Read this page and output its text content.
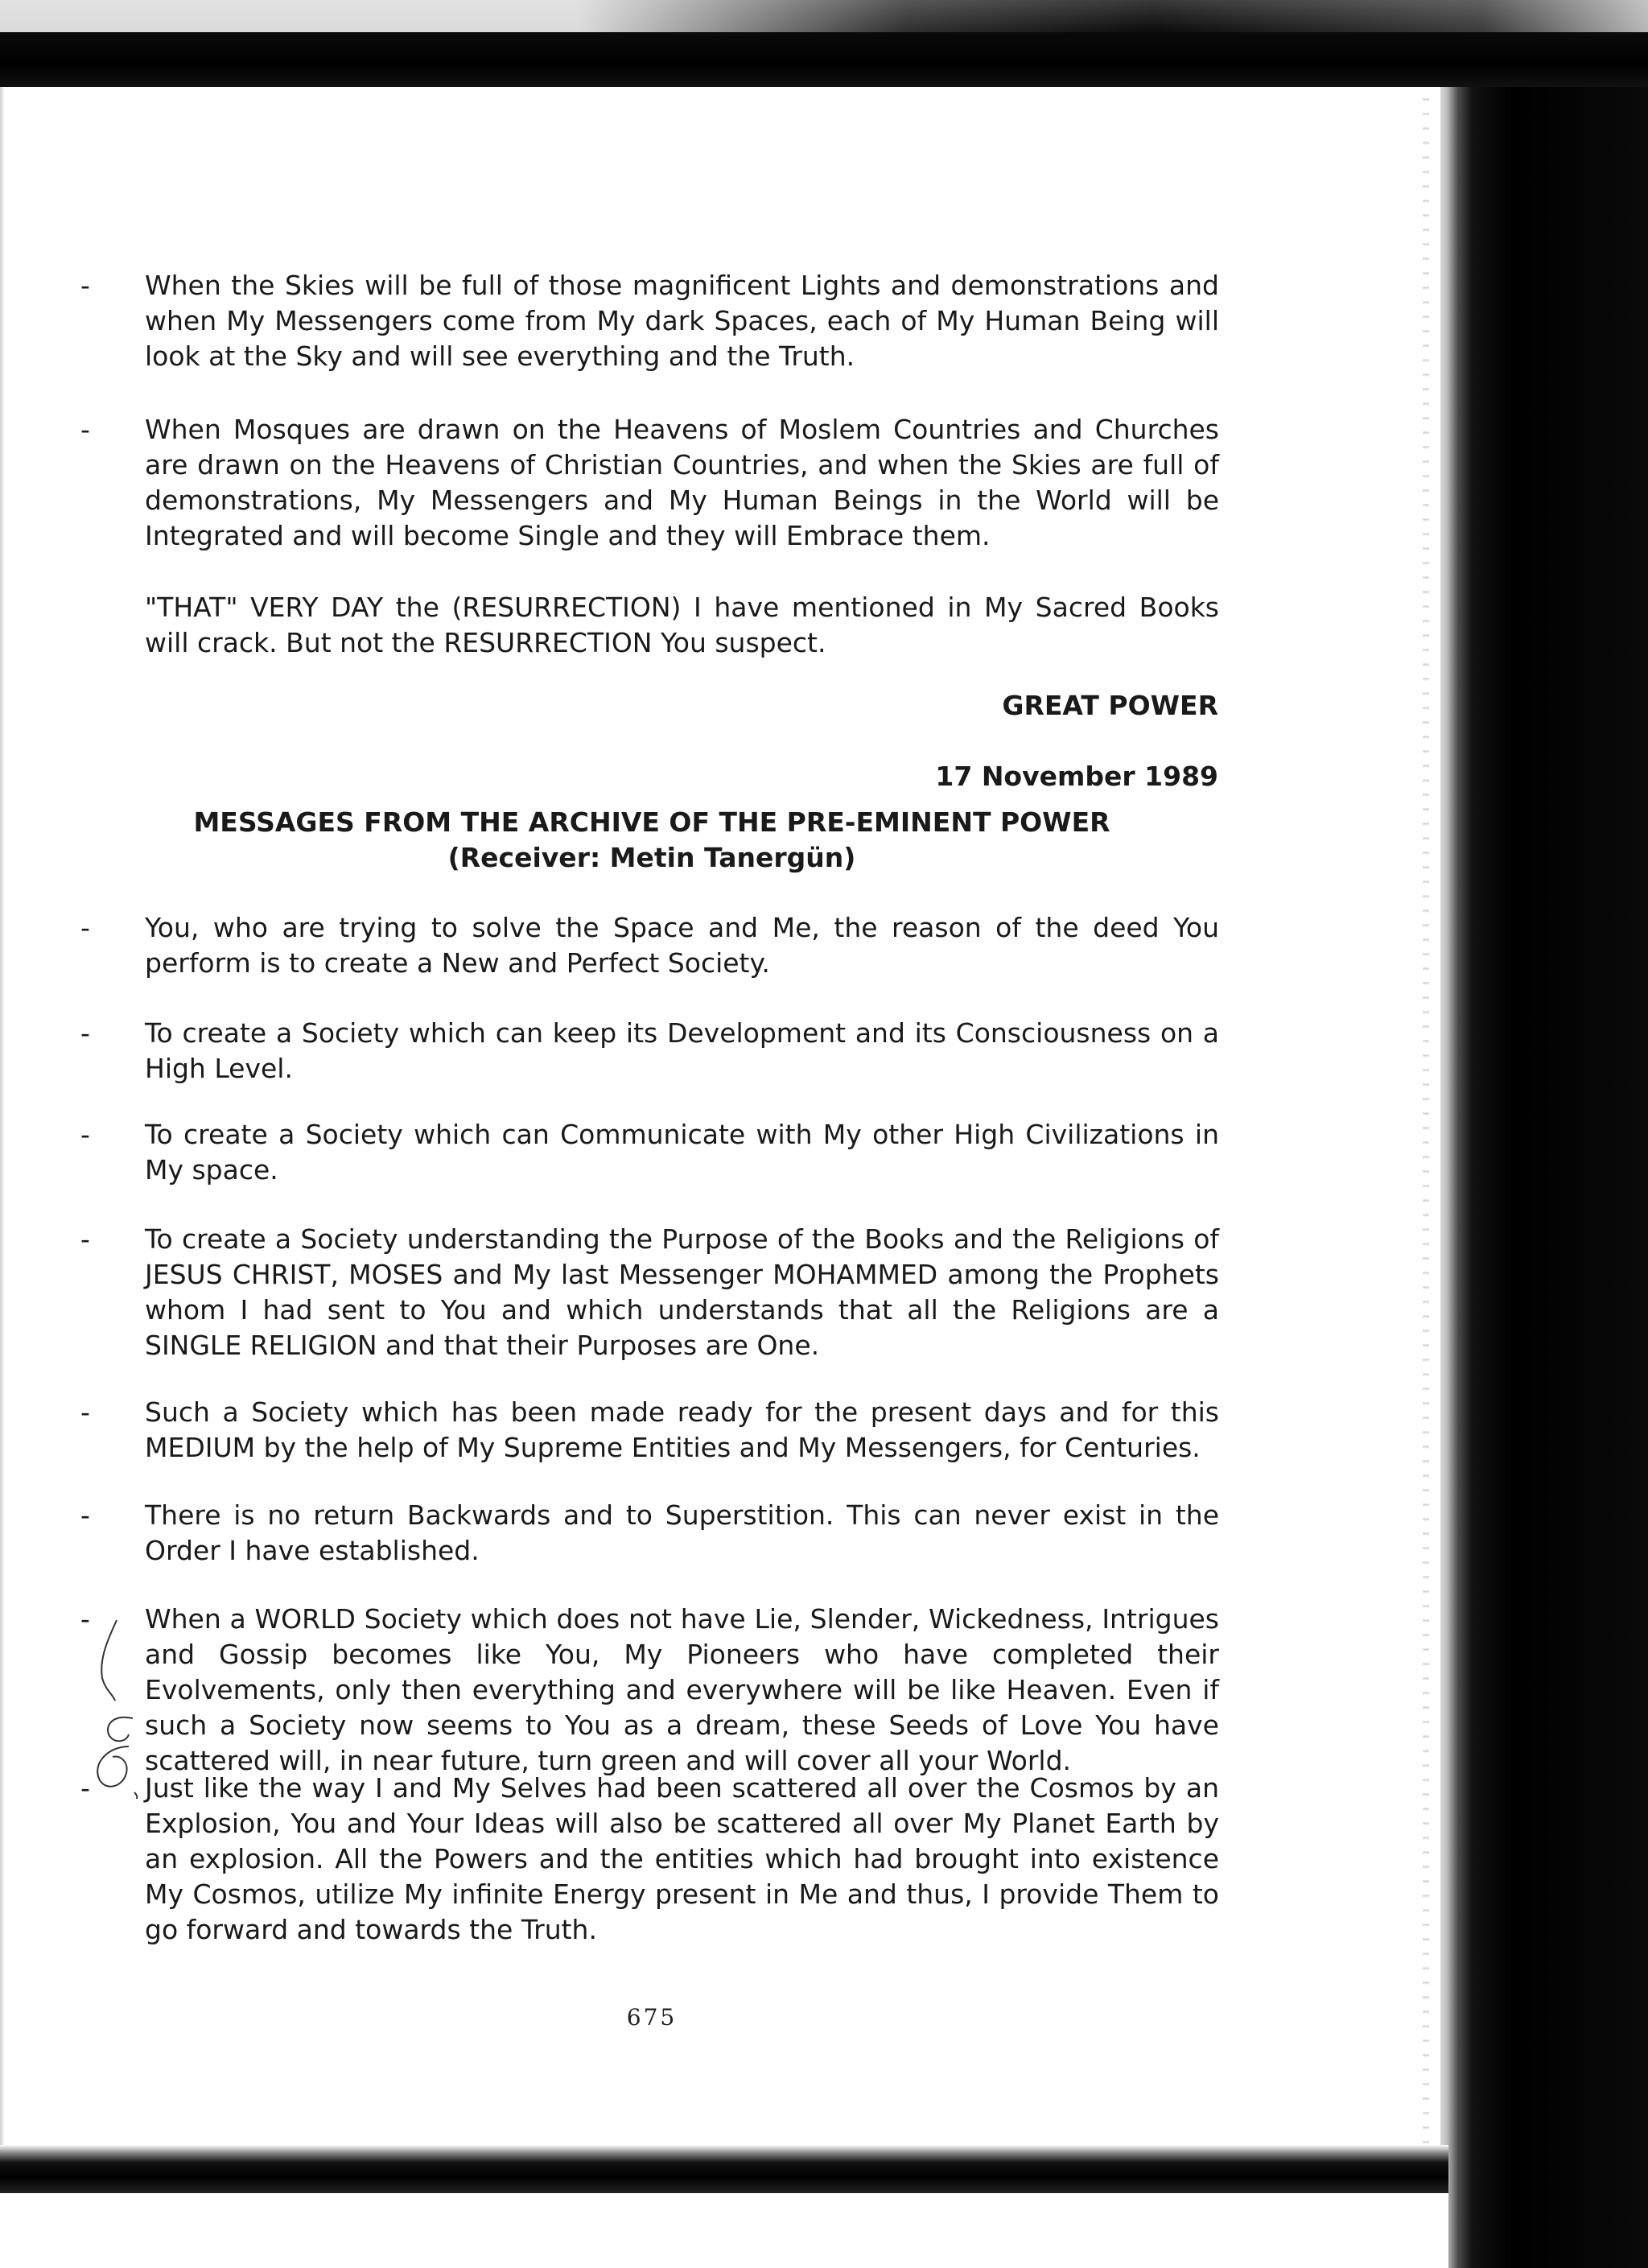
-	When the Skies will be full of those magnificent Lights and demonstrations and when My Messengers come from My dark Spaces, each of My Human Being will look at the Sky and will see everything and the Truth.
-	When Mosques are drawn on the Heavens of Moslem Countries and Churches are drawn on the Heavens of Christian Countries, and when the Skies are full of demonstrations, My Messengers and My Human Beings in the World will be Integrated and will become Single and they will Embrace them.
"THAT" VERY DAY the (RESURRECTION) I have mentioned in My Sacred Books will crack. But not the RESURRECTION You suspect.
GREAT POWER
17 November 1989
MESSAGES FROM THE ARCHIVE OF THE PRE-EMINENT POWER
(Receiver: Metin Tanergün)
-	You, who are trying to solve the Space and Me, the reason of the deed You perform is to create a New and Perfect Society.
-	To create a Society which can keep its Development and its Consciousness on a High Level.
-	To create a Society which can Communicate with My other High Civilizations in My space.
-	To create a Society understanding the Purpose of the Books and the Religions of JESUS CHRIST, MOSES and My last Messenger MOHAMMED among the Prophets whom I had sent to You and which understands that all the Religions are a SINGLE RELIGION and that their Purposes are One.
-	Such a Society which has been made ready for the present days and for this MEDIUM by the help of My Supreme Entities and My Messengers, for Centuries.
-	There is no return Backwards and to Superstition. This can never exist in the Order I have established.
-	When a WORLD Society which does not have Lie, Slender, Wickedness, Intrigues and Gossip becomes like You, My Pioneers who have completed their Evolvements, only then everything and everywhere will be like Heaven. Even if such a Society now seems to You as a dream, these Seeds of Love You have scattered will, in near future, turn green and will cover all your World.
-	Just like the way I and My Selves had been scattered all over the Cosmos by an Explosion, You and Your Ideas will also be scattered all over My Planet Earth by an explosion. All the Powers and the entities which had brought into existence My Cosmos, utilize My infinite Energy present in Me and thus, I provide Them to go forward and towards the Truth.
675
